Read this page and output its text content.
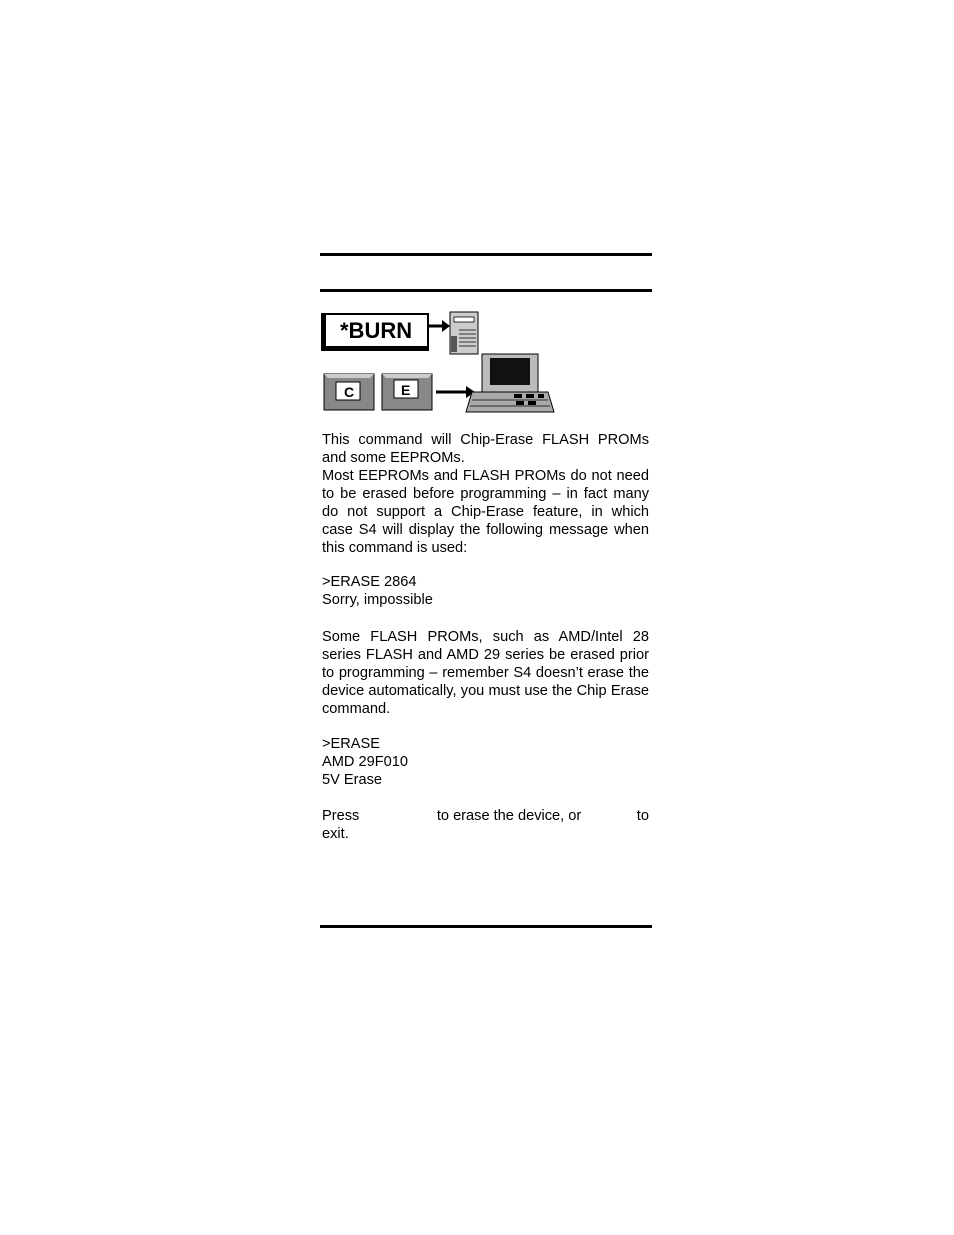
*BURN
C	E

This command will Chip-Erase FLASH PROMs and some EEPROMs.

Most EEPROMs and FLASH PROMs do not need to be erased before programming – in fact many do not support a Chip-Erase feature, in which case S4 will display the following message when this command is used:

>ERASE 2864

Sorry, impossible

Some FLASH PROMs, such as AMD/Intel 28 series FLASH and AMD 29 series be erased prior to programming – remember S4 doesn’t erase the device automatically, you must use the Chip Erase command.

>ERASE

AMD 29F010

5V Erase

Press	to erase the device, or	to

exit.
